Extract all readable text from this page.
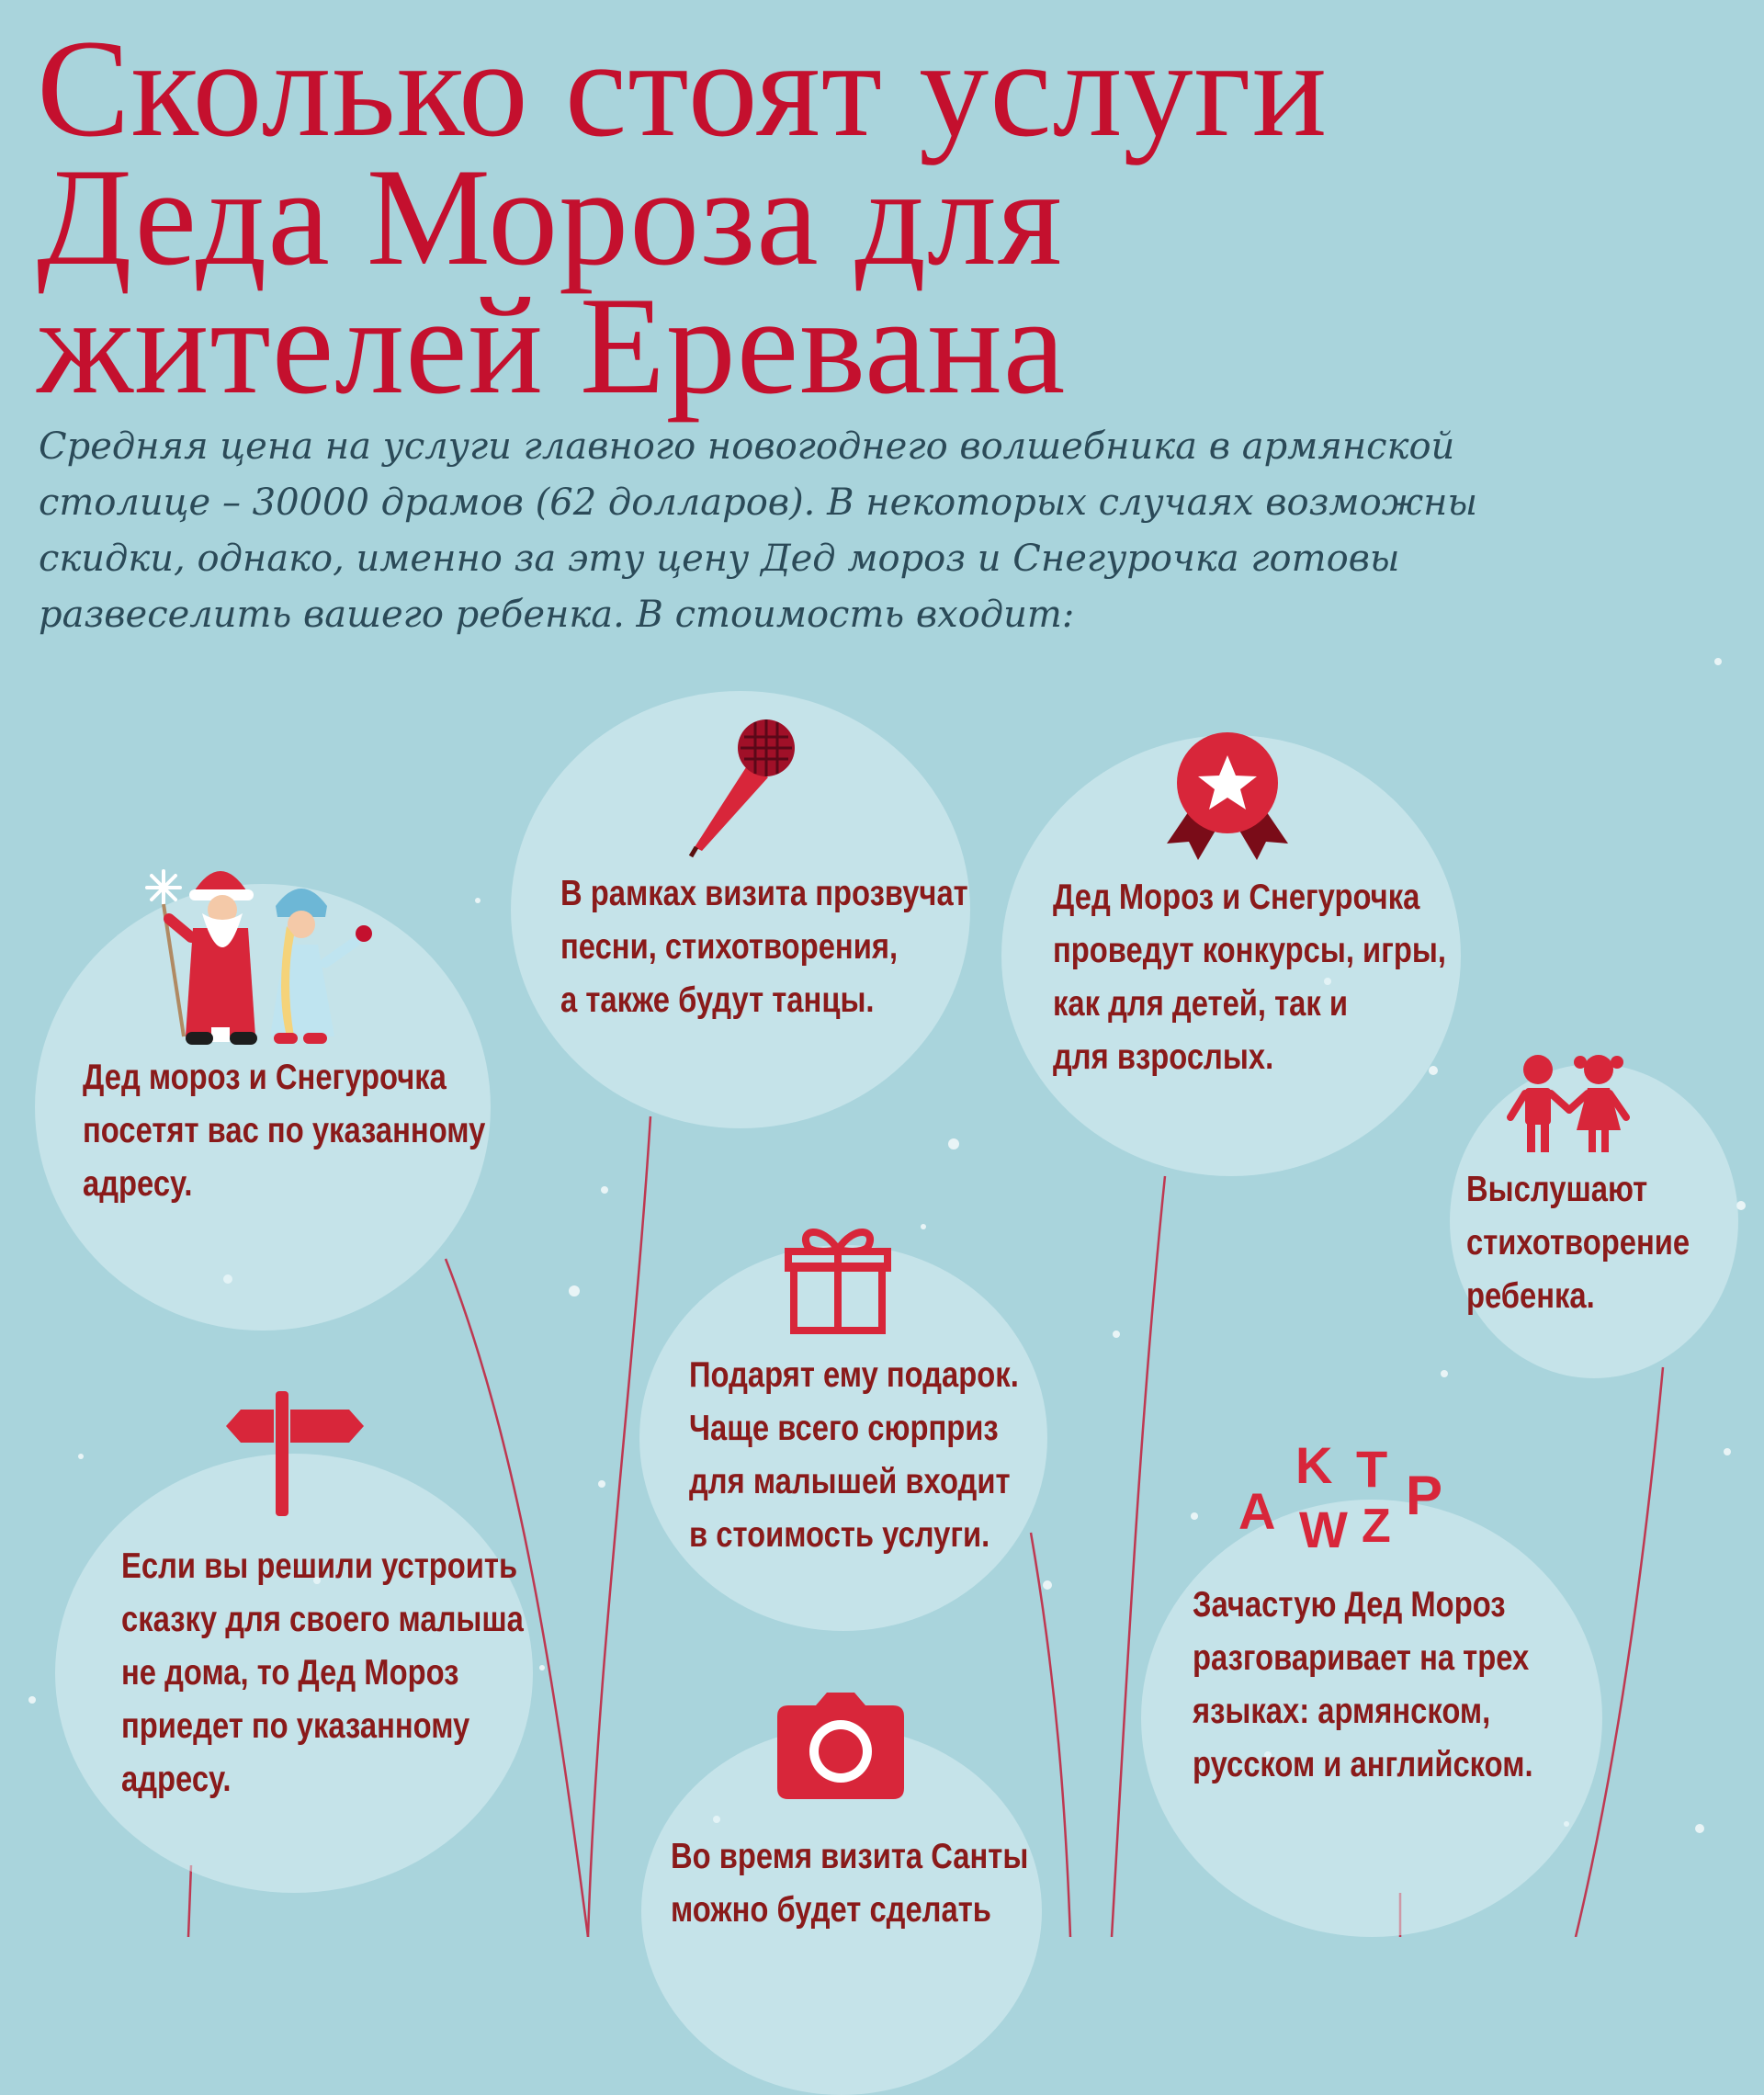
Сколько стоят услуги
Деда Мороза для
жителей Еревана

Средняя цена на услуги главного новогоднего волшебника в армянской столице – 30000 драмов (62 долларов). В некоторых случаях возможны скидки, однако, именно за эту цену Дед мороз и Снегурочка готовы развеселить вашего ребенка. В стоимость входит:

A
K
W
T
Z P

Дед мороз и Снегурочка
посетят вас по указанному
адресу.

В рамках визита прозвучат
песни, стихотворения,
а также будут танцы.

Дед Мороз и Снегурочка
проведут конкурсы, игры,
как для детей, так и
для взрослых.

Выслушают
стихотворение
ребенка.

Подарят ему подарок.
Чаще всего сюрприз
для малышей входит
в стоимость услуги.

Если вы решили устроить
сказку для своего малыша
не дома, то Дед Мороз
приедет по указанному
адресу.

Зачастую Дед Мороз
разговаривает на трех
языках: армянском,
русском и английском.

Во время визита Санты
можно будет сделать
